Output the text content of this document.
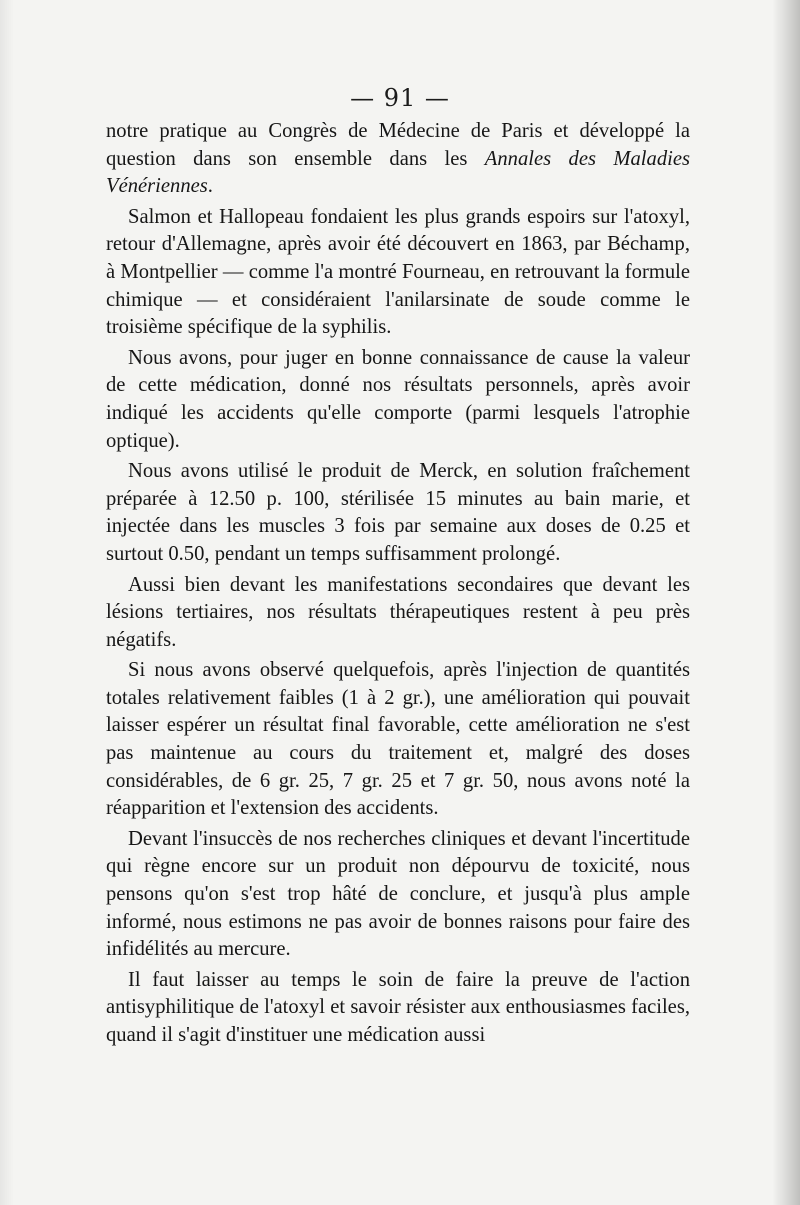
— 91 —

notre pratique au Congrès de Médecine de Paris et développé la question dans son ensemble dans les Annales des Maladies Vénériennes.

Salmon et Hallopeau fondaient les plus grands espoirs sur l'atoxyl, retour d'Allemagne, après avoir été découvert en 1863, par Béchamp, à Montpellier — comme l'a montré Fourneau, en retrouvant la formule chimique — et considéraient l'anilarsinate de soude comme le troisième spécifique de la syphilis.

Nous avons, pour juger en bonne connaissance de cause la valeur de cette médication, donné nos résultats personnels, après avoir indiqué les accidents qu'elle comporte (parmi lesquels l'atrophie optique).

Nous avons utilisé le produit de Merck, en solution fraîchement préparée à 12.50 p. 100, stérilisée 15 minutes au bain marie, et injectée dans les muscles 3 fois par semaine aux doses de 0.25 et surtout 0.50, pendant un temps suffisamment prolongé.

Aussi bien devant les manifestations secondaires que devant les lésions tertiaires, nos résultats thérapeutiques restent à peu près négatifs.

Si nous avons observé quelquefois, après l'injection de quantités totales relativement faibles (1 à 2 gr.), une amélioration qui pouvait laisser espérer un résultat final favorable, cette amélioration ne s'est pas maintenue au cours du traitement et, malgré des doses considérables, de 6 gr. 25, 7 gr. 25 et 7 gr. 50, nous avons noté la réapparition et l'extension des accidents.

Devant l'insuccès de nos recherches cliniques et devant l'incertitude qui règne encore sur un produit non dépourvu de toxicité, nous pensons qu'on s'est trop hâté de conclure, et jusqu'à plus ample informé, nous estimons ne pas avoir de bonnes raisons pour faire des infidélités au mercure.

Il faut laisser au temps le soin de faire la preuve de l'action antisyphilitique de l'atoxyl et savoir résister aux enthousiasmes faciles, quand il s'agit d'instituer une médication aussi
